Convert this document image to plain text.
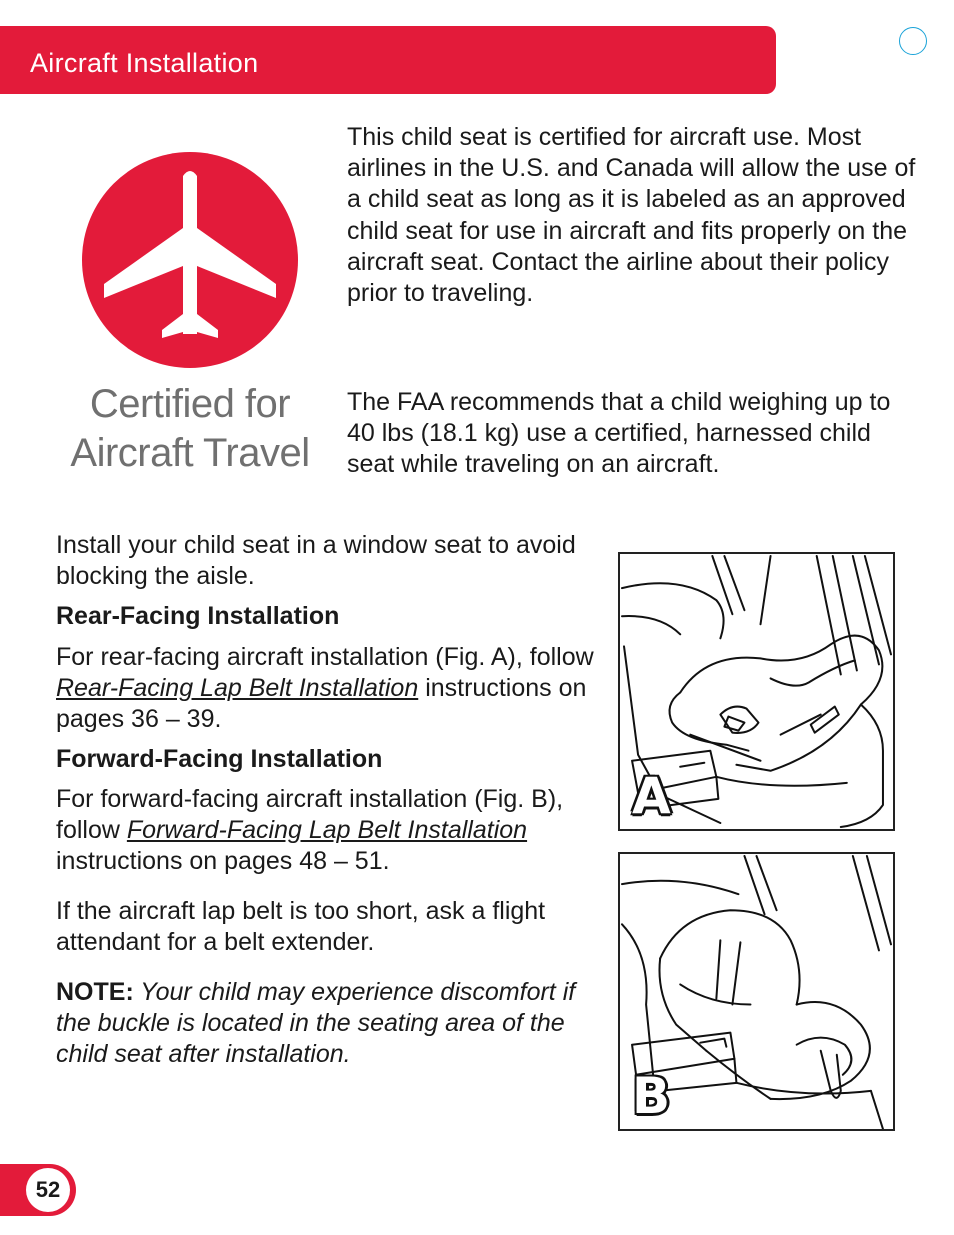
Aircraft Installation
Certified for
Aircraft Travel

This child seat is certified for aircraft use. Most airlines in the U.S. and Canada will allow the use of a child seat as long as it is labeled as an approved child seat for use in aircraft and fits properly on the aircraft seat. Contact the airline about their policy prior to traveling.

The FAA recommends that a child weighing up to 40 lbs (18.1 kg) use a certified, harnessed child seat while traveling on an aircraft.

Install your child seat in a window seat to avoid blocking the aisle.

Rear-Facing Installation

For rear-facing aircraft installation (Fig. A), follow Rear-Facing Lap Belt Installation instructions on pages 36 – 39.

Forward-Facing Installation

For forward-facing aircraft installation (Fig. B), follow Forward-Facing Lap Belt Installation instructions on pages 48 – 51.

If the aircraft lap belt is too short, ask a flight attendant for a belt extender.

NOTE: Your child may experience discomfort if the buckle is located in the seating area of the child seat after installation.

A
B
52
